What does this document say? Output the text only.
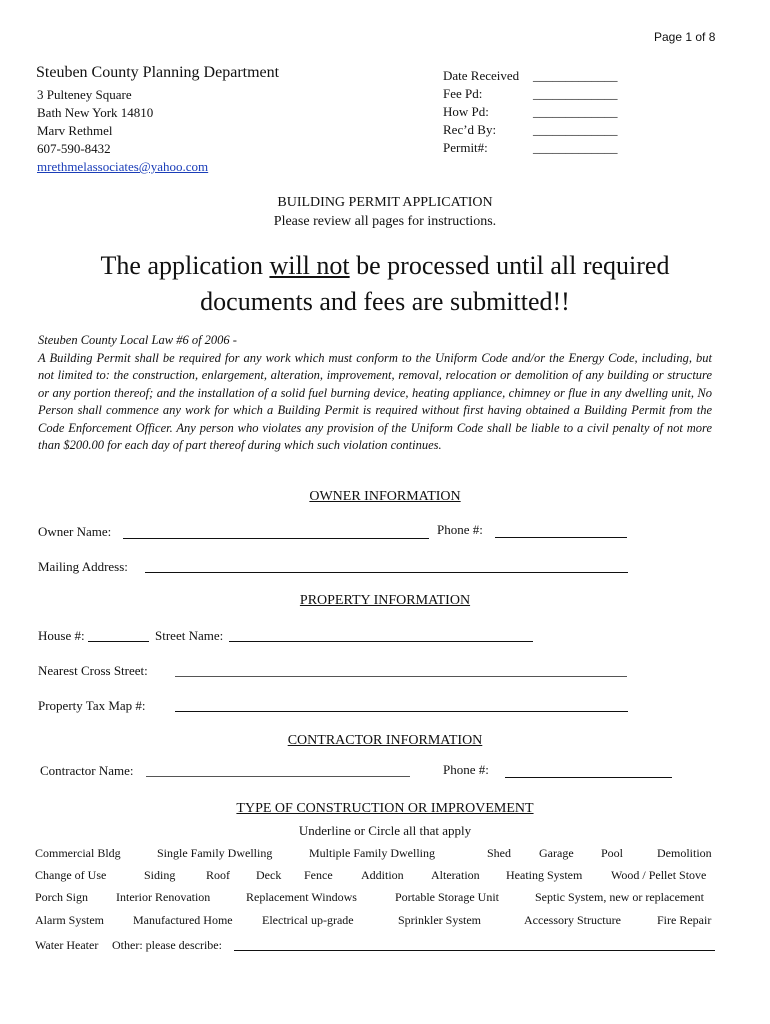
Page 1 of 8
Steuben County Planning Department
3 Pulteney Square
Bath New York 14810
Marv Rethmel
607-590-8432
mrethmelassociates@yahoo.com
Date Received _____________
Fee Pd:	_____________
How Pd:	_____________
Rec’d By:	_____________
Permit#:	_____________
BUILDING PERMIT APPLICATION
Please review all pages for instructions.
The application will not be processed until all required
documents and fees are submitted!!

Steuben County Local Law #6 of 2006 -

A Building Permit shall be required for any work which must conform to the Uniform Code and/or the Energy Code, including, but not limited to: the construction, enlargement, alteration, improvement, removal, relocation or demolition of any building or structure or any portion thereof; and the installation of a solid fuel burning device, heating appliance, chimney or flue in any dwelling unit, No Person shall commence any work for which a Building Permit is required without first having obtained a Building Permit from the Code Enforcement Officer. Any person who violates any provision of the Uniform Code shall be liable to a civil penalty of not more than $200.00 for each day of part thereof during which such violation continues.

OWNER INFORMATION
Owner Name:	Phone #:
Mailing Address:
PROPERTY INFORMATION
House #:	Street Name:
Nearest Cross Street:
Property Tax Map #:
CONTRACTOR INFORMATION
Contractor Name:	Phone #:
TYPE OF CONSTRUCTION OR IMPROVEMENT
Underline or Circle all that apply
Commercial Bldg	Single Family Dwelling	Multiple Family Dwelling	Shed Garage Pool	Demolition
Change of Use	Siding	Roof Deck Fence Addition Alteration Heating System Wood / Pellet Stove
Porch Sign Interior Renovation	Replacement Windows	Portable Storage Unit	Septic System, new or replacement
Alarm System Manufactured Home Electrical up-grade	Sprinkler System	Accessory Structure	Fire Repair
Water Heater Other: please describe:
